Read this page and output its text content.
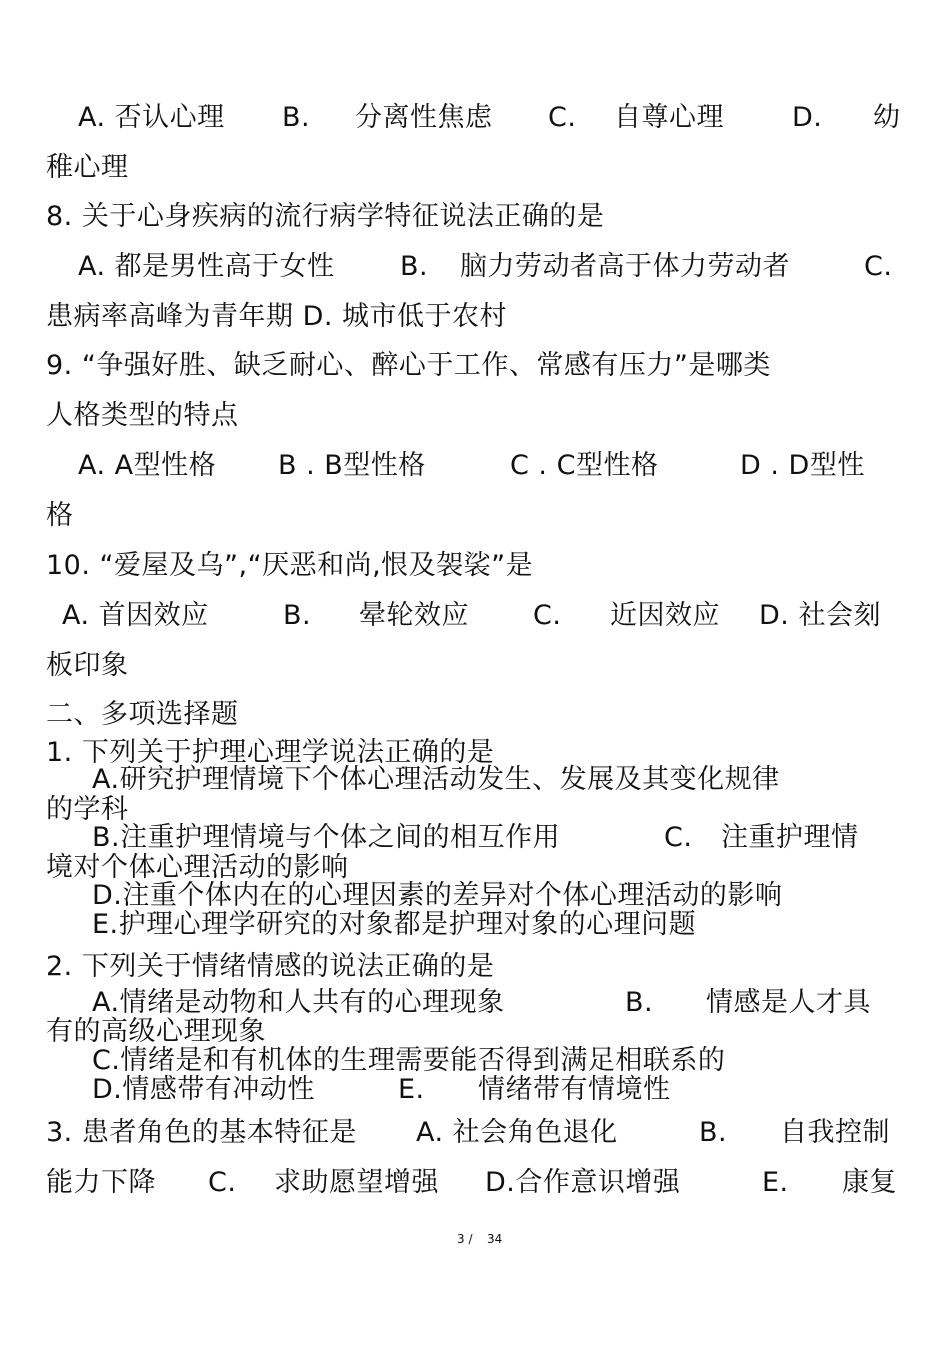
A. 否认心理 B. 分离性焦虑 C. 自尊心理	D. 幼
稚心理
8. 关于心身疾病的流行病学特征说法正确的是
A. 都是男性高于女性 B. 脑力劳动者高于体力劳动者	C.
患病率高峰为青年期 D. 城市低于农村
9. “争强好胜、缺乏耐心、醉心于工作、常感有压力”是哪类
人格类型的特点
A. A型性格 B . B型性格	C . C型性格	D . D型性
格
10. “爱屋及乌”,“厌恶和尚,恨及袈裟”是
A. 首因效应	B. 晕轮效应 C. 近因效应 D. 社会刻
板印象
二、多项选择题
1. 下列关于护理心理学说法正确的是
A.研究护理情境下个体心理活动发生、发展及其变化规律
的学科
B.注重护理情境与个体之间的相互作用	C. 注重护理情
境对个体心理活动的影响
D.注重个体内在的心理因素的差异对个体心理活动的影响
E.护理心理学研究的对象都是护理对象的心理问题
2. 下列关于情绪情感的说法正确的是
A.情绪是动物和人共有的心理现象	B. 情感是人才具
有的高级心理现象
C.情绪是和有机体的生理需要能否得到满足相联系的
D.情感带有冲动性	E. 情绪带有情境性
3. 患者角色的基本特征是 A. 社会角色退化	B. 自我控制
能力下降 C. 求助愿望增强 D.合作意识增强	E. 康复
3 / 34
